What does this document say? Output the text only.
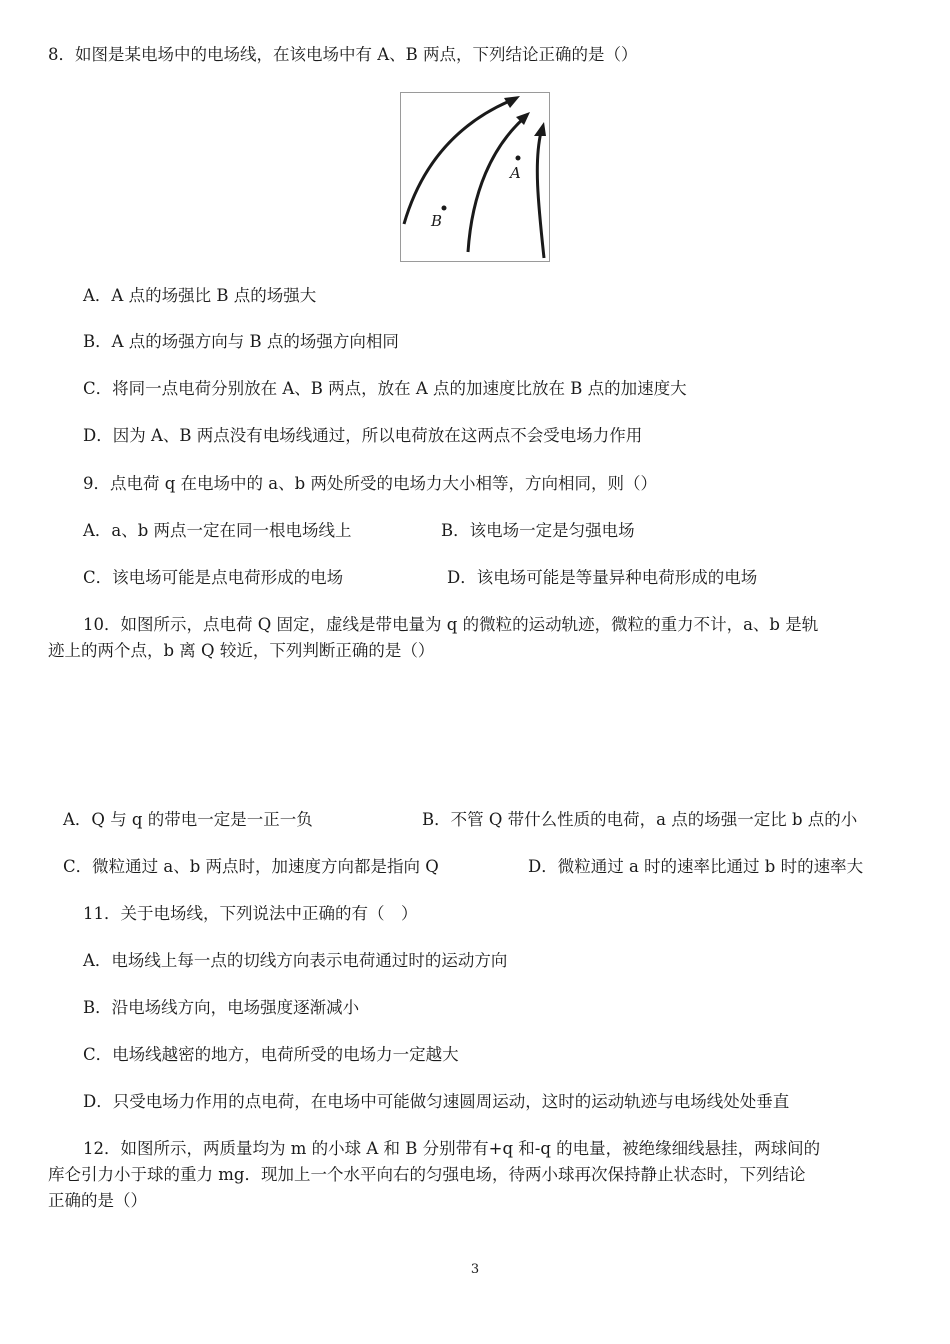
8．如图是某电场中的电场线，在该电场中有 A、B 两点，下列结论正确的是（）
A
B
A．A 点的场强比 B 点的场强大
B．A 点的场强方向与 B 点的场强方向相同
C．将同一点电荷分别放在 A、B 两点，放在 A 点的加速度比放在 B 点的加速度大
D．因为 A、B 两点没有电场线通过，所以电荷放在这两点不会受电场力作用
9．点电荷 q 在电场中的 a、b 两处所受的电场力大小相等，方向相同，则（）
A．a、b 两点一定在同一根电场线上	B．该电场一定是匀强电场
C．该电场可能是点电荷形成的电场	D．该电场可能是等量异种电荷形成的电场
10．如图所示，点电荷 Q 固定，虚线是带电量为 q 的微粒的运动轨迹，微粒的重力不计，a、b 是轨
迹上的两个点，b 离 Q 较近，下列判断正确的是（）
A．Q 与 q 的带电一定是一正一负	B．不管 Q 带什么性质的电荷，a 点的场强一定比 b 点的小
C．微粒通过 a、b 两点时，加速度方向都是指向 Q	D．微粒通过 a 时的速率比通过 b 时的速率大
11．关于电场线，下列说法中正确的有（　）
A．电场线上每一点的切线方向表示电荷通过时的运动方向
B．沿电场线方向，电场强度逐渐减小
C．电场线越密的地方，电荷所受的电场力一定越大
D．只受电场力作用的点电荷，在电场中可能做匀速圆周运动，这时的运动轨迹与电场线处处垂直
12．如图所示，两质量均为 m 的小球 A 和 B 分别带有+q 和-q 的电量，被绝缘细线悬挂，两球间的
库仑引力小于球的重力 mg．现加上一个水平向右的匀强电场，待两小球再次保持静止状态时，下列结论
正确的是（）
3
